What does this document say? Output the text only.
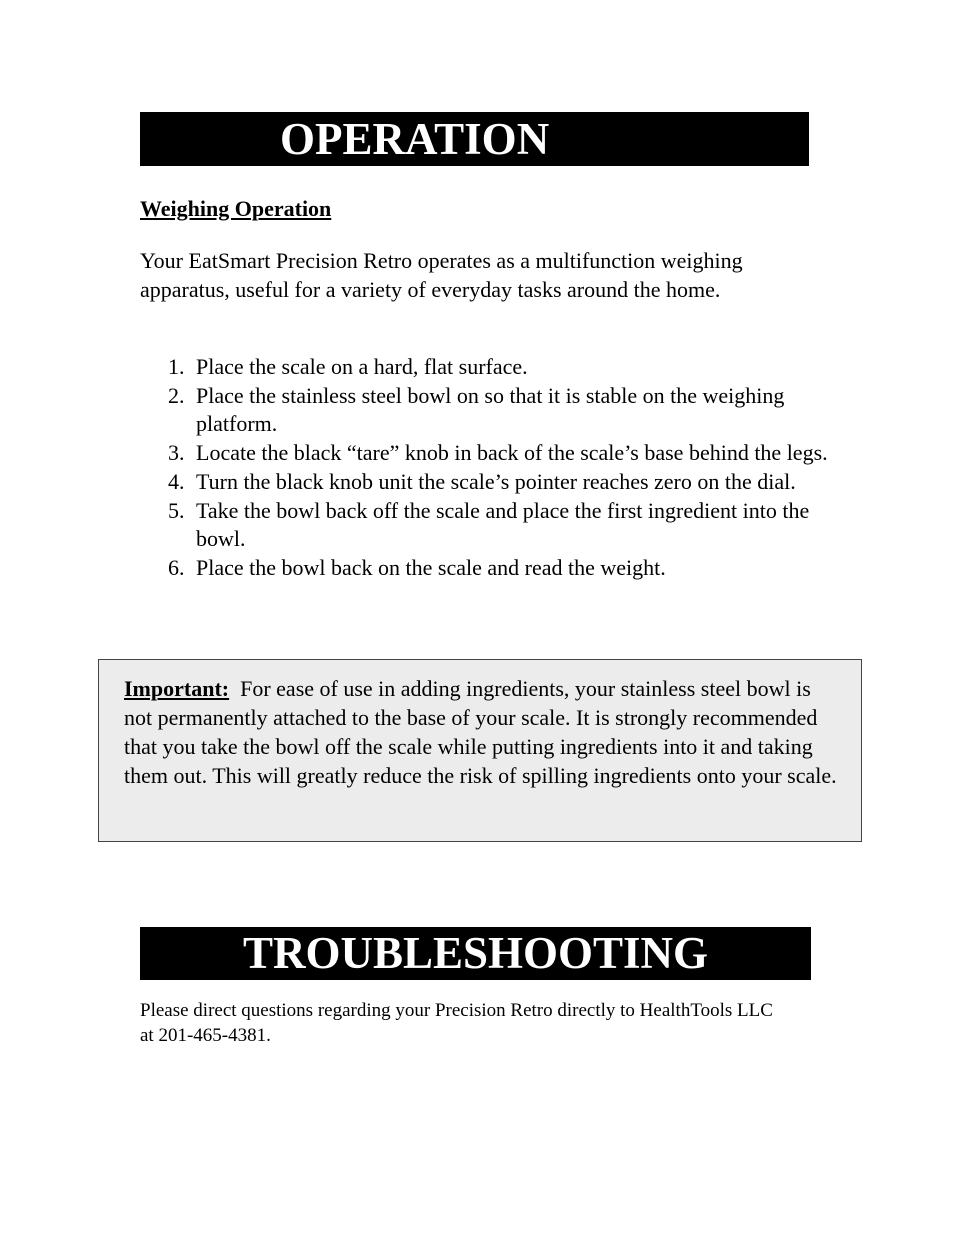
OPERATION
Weighing Operation
Your EatSmart Precision Retro operates as a multifunction weighing apparatus, useful for a variety of everyday tasks around the home.
1. Place the scale on a hard, flat surface.
2. Place the stainless steel bowl on so that it is stable on the weighing platform.
3. Locate the black “tare” knob in back of the scale’s base behind the legs.
4. Turn the black knob unit the scale’s pointer reaches zero on the dial.
5. Take the bowl back off the scale and place the first ingredient into the bowl.
6. Place the bowl back on the scale and read the weight.
Important: For ease of use in adding ingredients, your stainless steel bowl is not permanently attached to the base of your scale. It is strongly recommended that you take the bowl off the scale while putting ingredients into it and taking them out. This will greatly reduce the risk of spilling ingredients onto your scale.
TROUBLESHOOTING
Please direct questions regarding your Precision Retro directly to HealthTools LLC at 201-465-4381.
